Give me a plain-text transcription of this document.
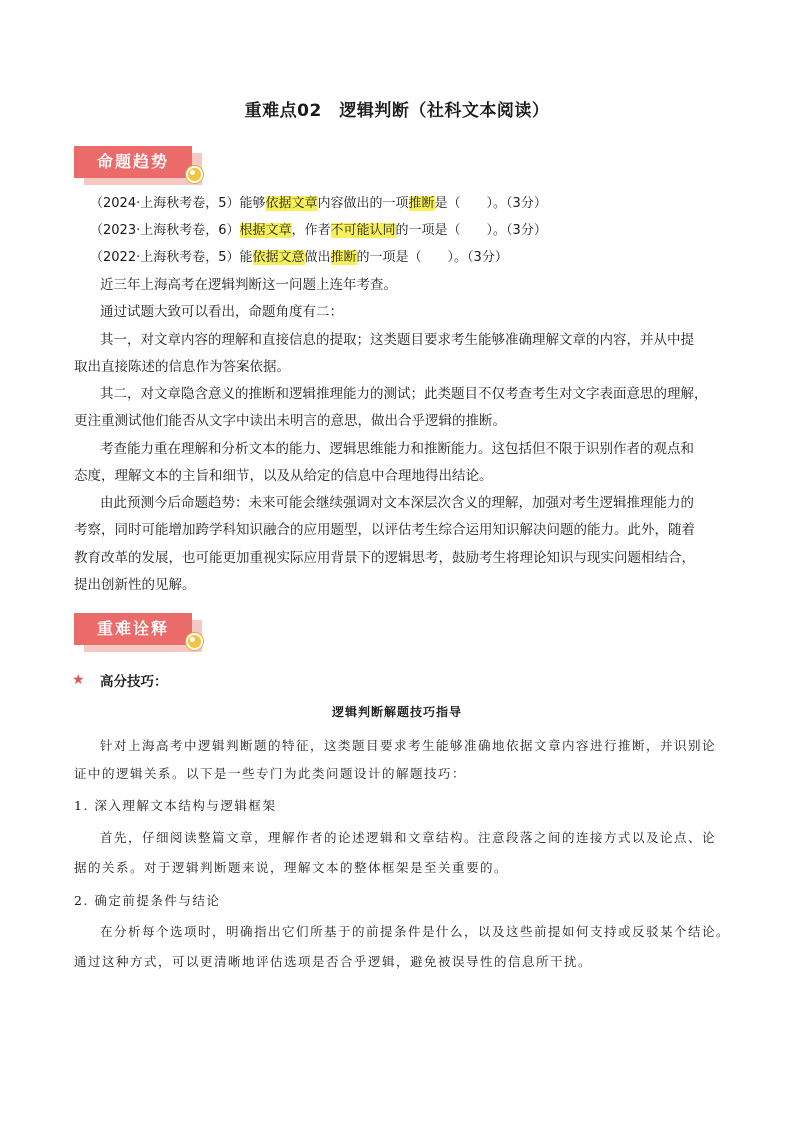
重难点02　逻辑判断（社科文本阅读）
命题趋势
（2024·上海秋考卷，5）能够依据文章内容做出的一项推断是（　　）。（3分）
（2023·上海秋考卷，6）根据文章，作者不可能认同的一项是（　　）。（3分）
（2022·上海秋考卷，5）能依据文意做出推断的一项是（　　）。（3分）
近三年上海高考在逻辑判断这一问题上连年考查。
通过试题大致可以看出，命题角度有二：
其一，对文章内容的理解和直接信息的提取；这类题目要求考生能够准确理解文章的内容，并从中提
取出直接陈述的信息作为答案依据。
其二，对文章隐含意义的推断和逻辑推理能力的测试；此类题目不仅考查考生对文字表面意思的理解，
更注重测试他们能否从文字中读出未明言的意思，做出合乎逻辑的推断。
考查能力重在理解和分析文本的能力、逻辑思维能力和推断能力。这包括但不限于识别作者的观点和
态度，理解文本的主旨和细节，以及从给定的信息中合理地得出结论。
由此预测今后命题趋势：未来可能会继续强调对文本深层次含义的理解，加强对考生逻辑推理能力的
考察，同时可能增加跨学科知识融合的应用题型，以评估考生综合运用知识解决问题的能力。此外，随着
教育改革的发展，也可能更加重视实际应用背景下的逻辑思考，鼓励考生将理论知识与现实问题相结合，
提出创新性的见解。
重难诠释
★ 高分技巧：
逻辑判断解题技巧指导
针对上海高考中逻辑判断题的特征，这类题目要求考生能够准确地依据文章内容进行推断，并识别论
证中的逻辑关系。以下是一些专门为此类问题设计的解题技巧：
1. 深入理解文本结构与逻辑框架
首先，仔细阅读整篇文章，理解作者的论述逻辑和文章结构。注意段落之间的连接方式以及论点、论
据的关系。对于逻辑判断题来说，理解文本的整体框架是至关重要的。
2. 确定前提条件与结论
在分析每个选项时，明确指出它们所基于的前提条件是什么，以及这些前提如何支持或反驳某个结论。
通过这种方式，可以更清晰地评估选项是否合乎逻辑，避免被误导性的信息所干扰。
